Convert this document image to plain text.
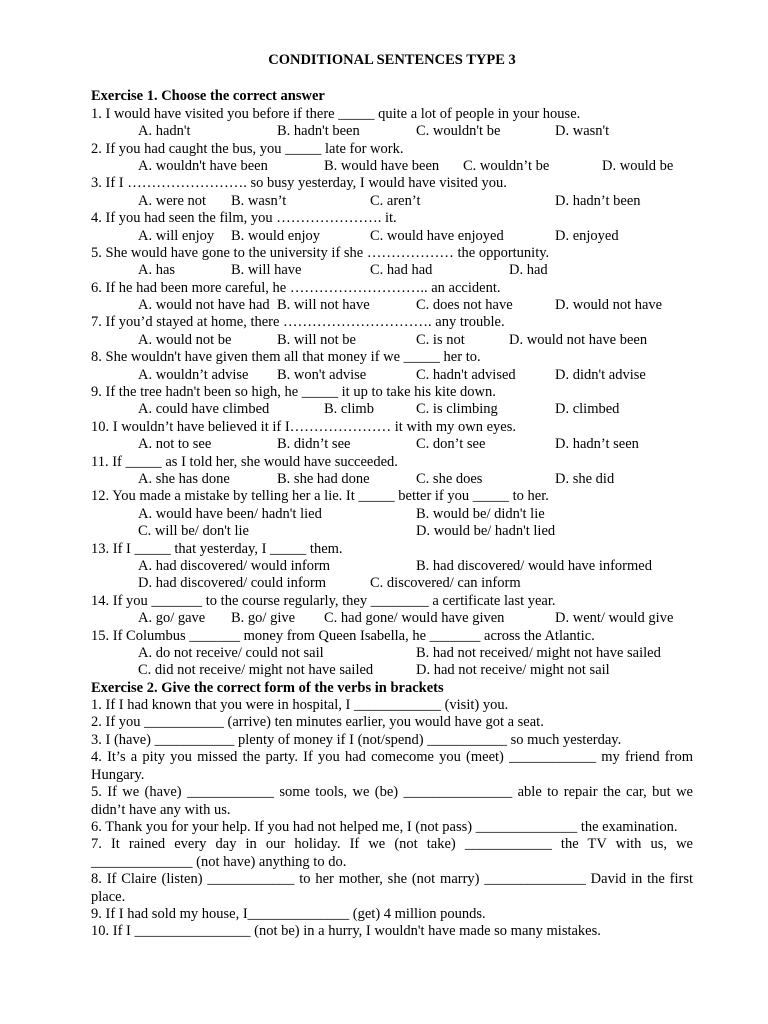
CONDITIONAL SENTENCES TYPE 3
Exercise 1. Choose the correct answer
1. I would have visited you before if there _____ quite a lot of people in your house.
A. hadn't	B. hadn't been	C. wouldn't be	D. wasn't
2. If you had caught the bus, you _____ late for work.
A. wouldn't have been	B. would have been C. wouldn’t be	D. would be
3. If I ……………………. so busy yesterday, I would have visited you.
A. were not B. wasn’t	C. aren’t	D. hadn’t been
4. If you had seen the film, you …………………. it.
A. will enjoy B. would enjoy	C. would have enjoyed	D. enjoyed
5. She would have gone to the university if she ……………… the opportunity.
A. has	B. will have	C. had had	D. had
6. If he had been more careful, he ……………………….. an accident.
A. would not have had B. will not have	C. does not have	D. would not have
7. If you’d stayed at home, there …………………………. any trouble.
A. would not be	B. will not be	C. is not	D. would not have been
8. She wouldn't have given them all that money if we _____ her to.
A. wouldn’t advise B. won't advise	C. hadn't advised	D. didn't advise
9. If the tree hadn't been so high, he _____ it up to take his kite down.
A. could have climbed	B. climb	C. is climbing	D. climbed
10. I wouldn’t have believed it if I………………… it with my own eyes.
A. not to see	B. didn’t see	C. don’t see	D. hadn’t seen
11. If _____ as I told her, she would have succeeded.
A. she has done	B. she had done	C. she does	D. she did
12. You made a mistake by telling her a lie. It _____ better if you _____ to her.
A. would have been/ hadn't lied	B. would be/ didn't lie
C. will be/ don't lie	D. would be/ hadn't lied
13. If I _____ that yesterday, I _____ them.
A. had discovered/ would inform	B. had discovered/ would have informed
D. had discovered/ could inform	C. discovered/ can inform
14. If you _______ to the course regularly, they ________ a certificate last year.
A. go/ gave B. go/ give C. had gone/ would have given	D. went/ would give
15. If Columbus _______ money from Queen Isabella, he _______ across the Atlantic.
A. do not receive/ could not sail	B. had not received/ might not have sailed
C. did not receive/ might not have sailed	D. had not receive/ might not sail
Exercise 2. Give the correct form of the verbs in brackets
1. If I had known that you were in hospital, I ____________ (visit) you.
2. If you ___________ (arrive) ten minutes earlier, you would have got a seat.
3. I (have) ___________ plenty of money if I (not/spend) ___________ so much yesterday.
4. It’s a pity you missed the party. If you had comecome you (meet) ____________ my friend from Hungary.
5. If we (have) ____________ some tools, we (be) _______________ able to repair the car, but we didn’t have any with us.
6. Thank you for your help. If you had not helped me, I (not pass) ______________ the examination.
7. It rained every day in our holiday. If we (not take) ____________ the TV with us, we ______________ (not have) anything to do.
8. If Claire (listen) ____________ to her mother, she (not marry) ______________ David in the first place.
9. If I had sold my house, I______________ (get) 4 million pounds.
10. If I ________________ (not be) in a hurry, I wouldn't have made so many mistakes.
